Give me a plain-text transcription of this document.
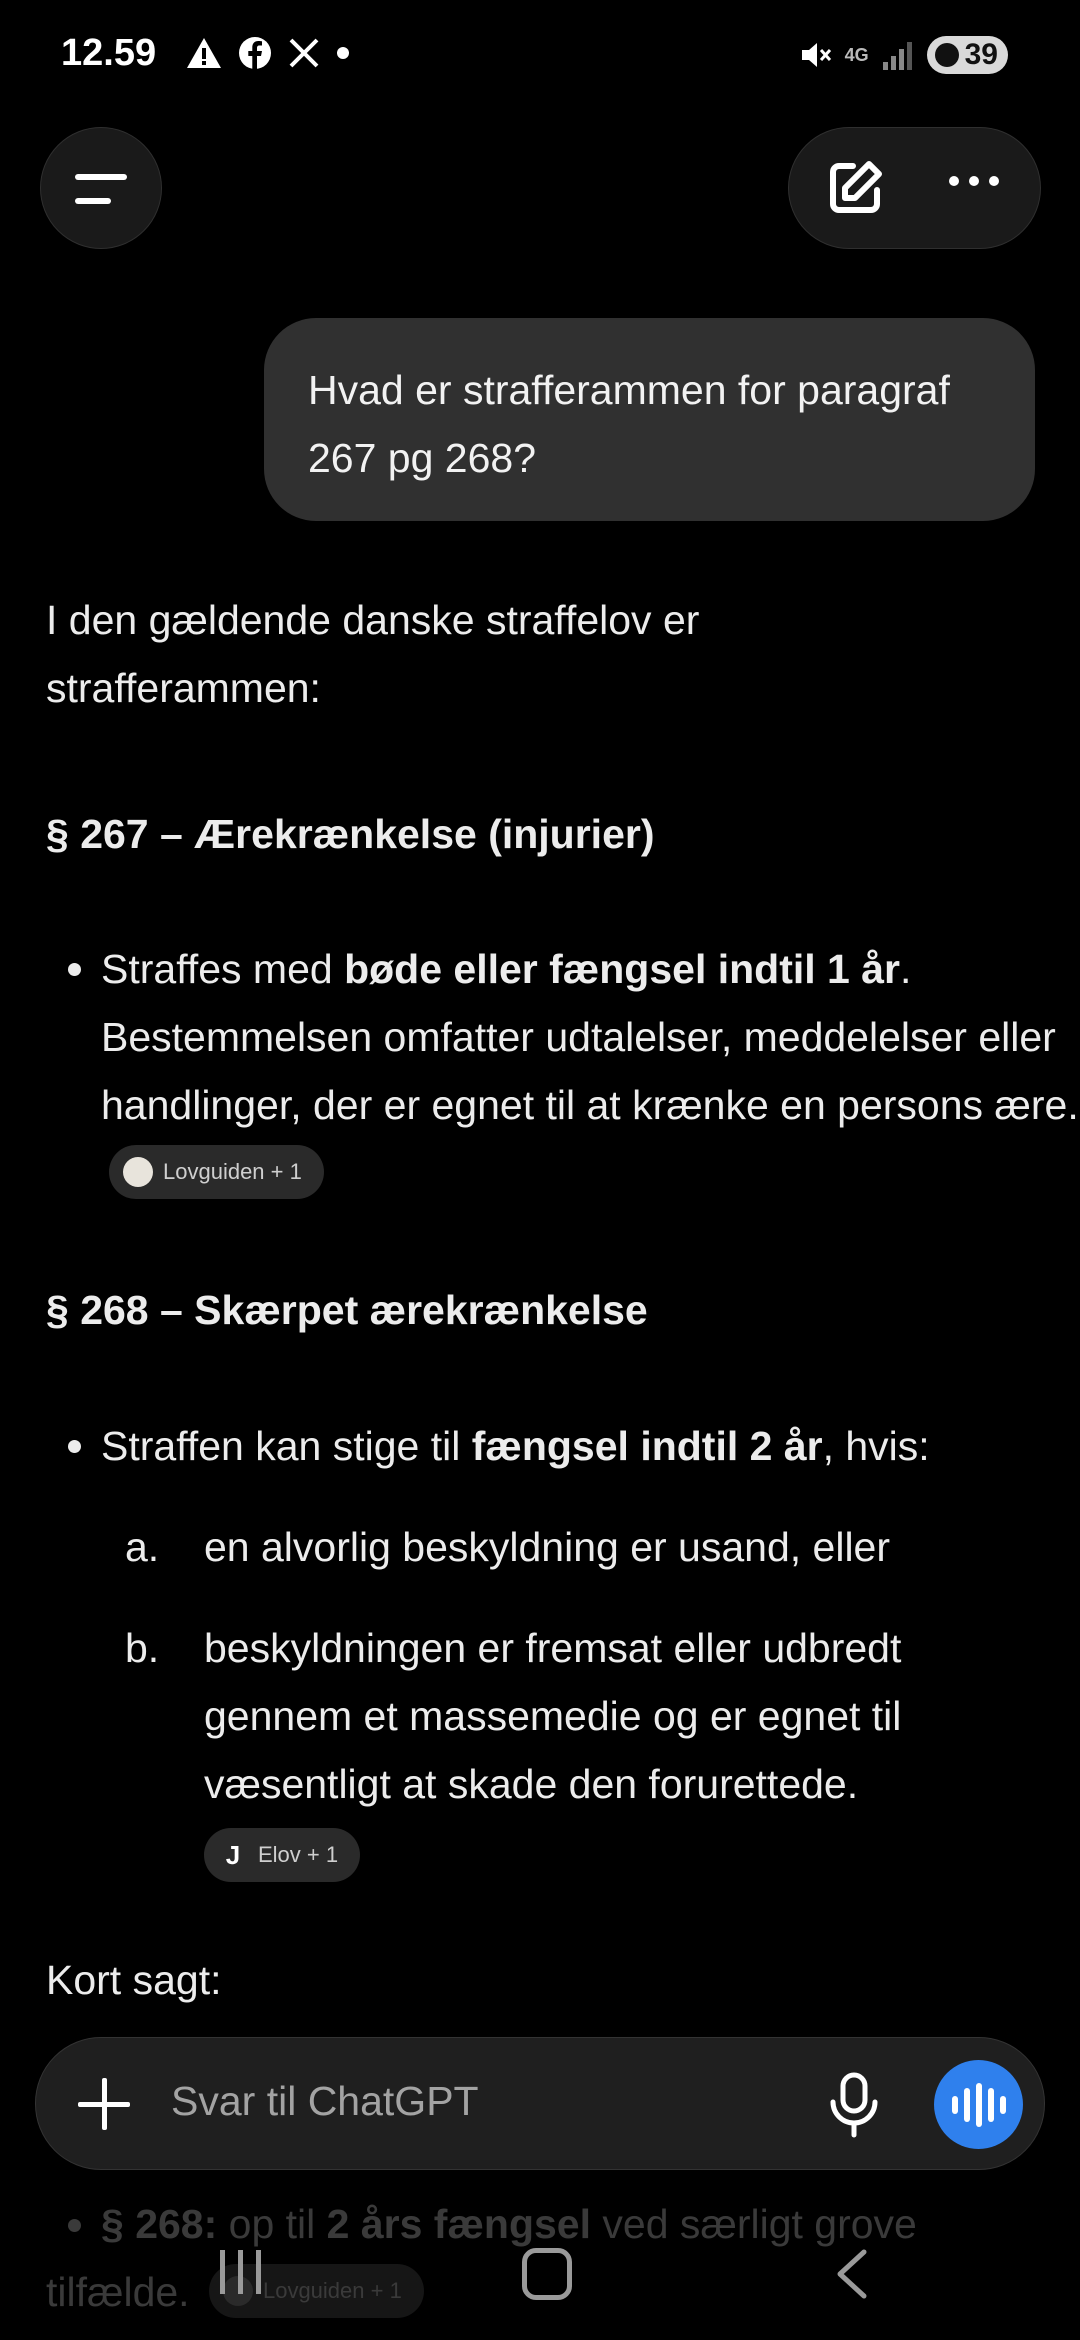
12.59	4G	39
Hvad er strafferammen for paragraf 267 pg 268?
I den gældende danske straffelov er strafferammen:
§ 267 – Ærekrænkelse (injurier)
Straffes med bøde eller fængsel indtil 1 år. Bestemmelsen omfatter udtalelser, meddelelser eller handlinger, der er egnet til at krænke en persons ære.
Lovguiden + 1
§ 268 – Skærpet ærekrænkelse
Straffen kan stige til fængsel indtil 2 år, hvis:
a. en alvorlig beskyldning er usand, eller
b. beskyldningen er fremsat eller udbredt gennem et massemedie og er egnet til væsentligt at skade den forurettede.

J Elov + 1
Kort sagt:
§ 268: op til 2 års fængsel ved særligt grove tilfælde.	Lovguiden + 1
Svar til ChatGPT
